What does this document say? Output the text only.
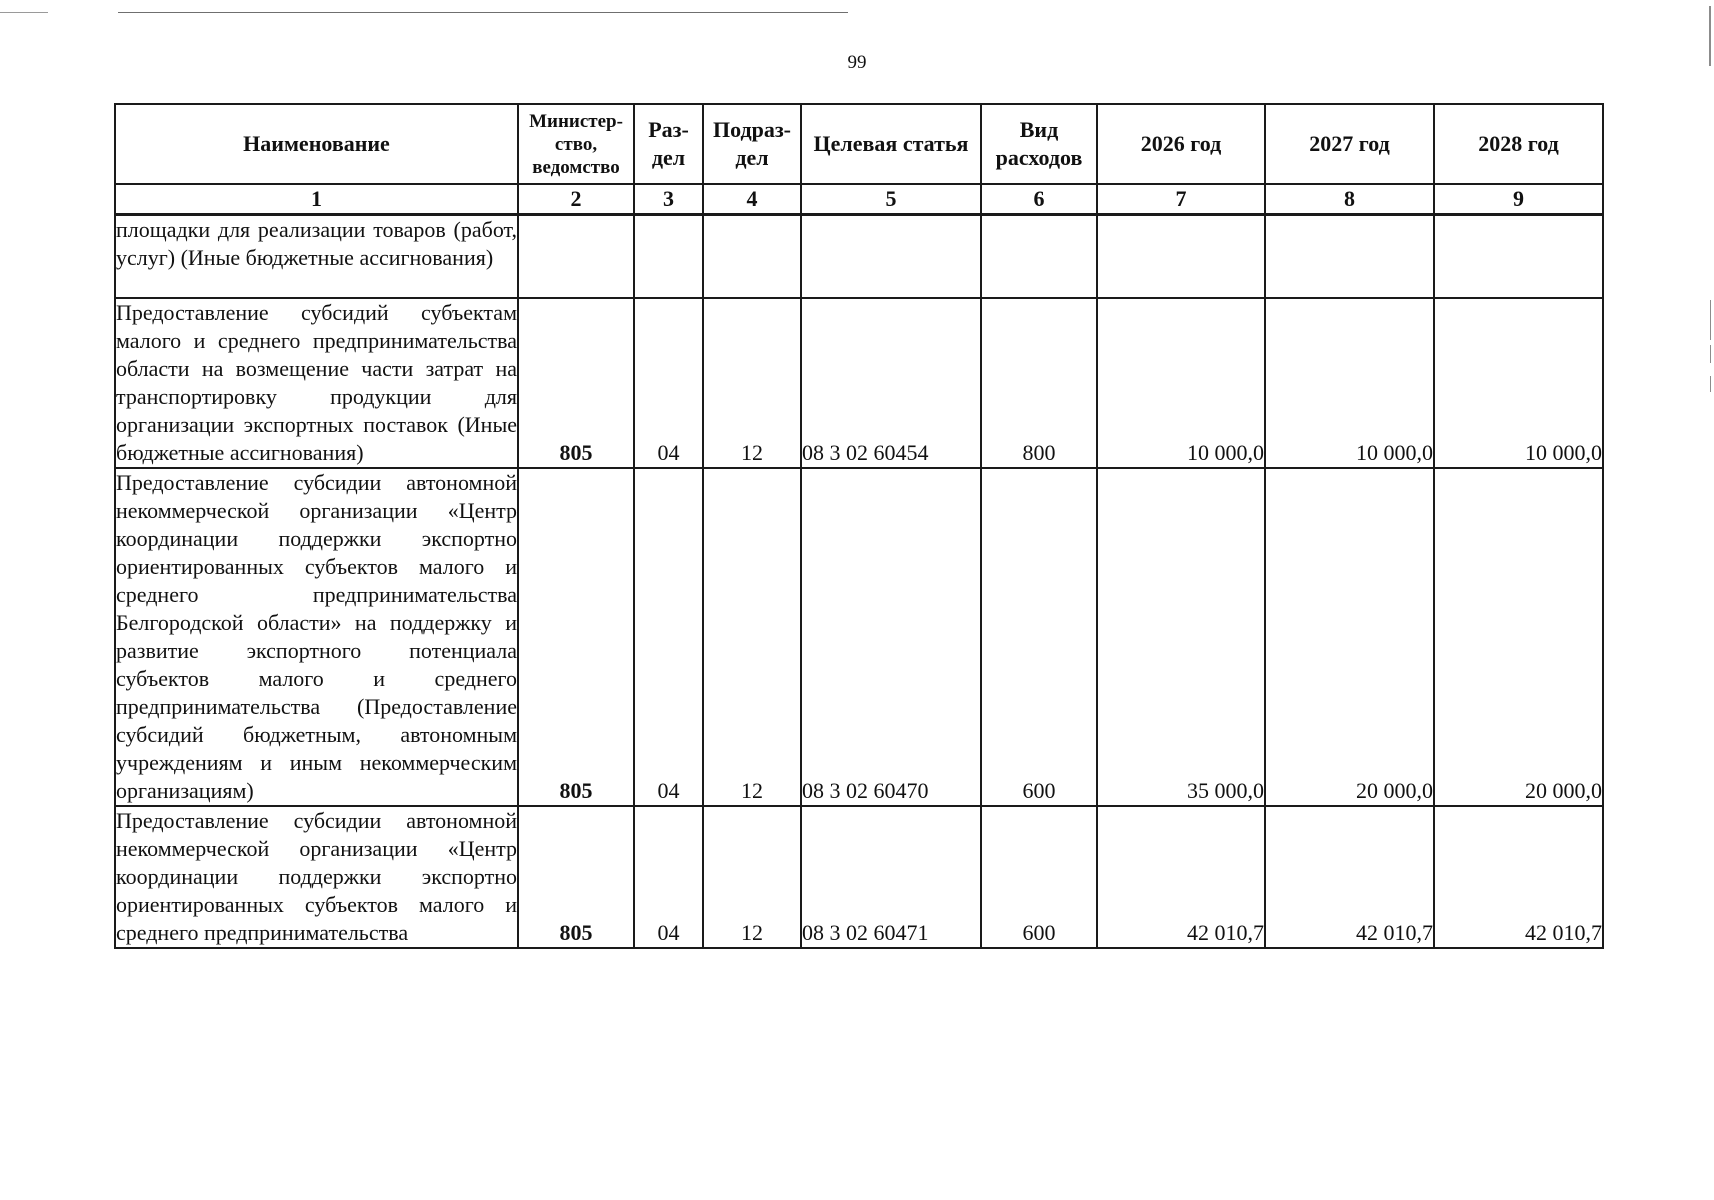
99
Наименование	Министер-ство, ведомство	Раз-дел	Подраз-дел	Целевая статья	Вид расходов	2026 год	2027 год	2028 год
1	2	3	4	5	6	7	8	9
площадки для реализации товаров (работ, услуг) (Иные бюджетные ассигнования)								
Предоставление субсидий субъектам малого и среднего предпринимательства области на возмещение части затрат на транспортировку продукции для организации экспортных поставок (Иные бюджетные ассигнования)	805	04	12	08 3 02 60454	800	10 000,0	10 000,0	10 000,0
Предоставление субсидии автономной некоммерческой организации «Центр координации поддержки экспортно ориентированных субъектов малого и среднего предпринимательства Белгородской области» на поддержку и развитие экспортного потенциала субъектов малого и среднего предпринимательства (Предоставление субсидий бюджетным, автономным учреждениям и иным некоммерческим организациям)	805	04	12	08 3 02 60470	600	35 000,0	20 000,0	20 000,0
Предоставление субсидии автономной некоммерческой организации «Центр координации поддержки экспортно ориентированных субъектов малого и среднего предпринимательства	805	04	12	08 3 02 60471	600	42 010,7	42 010,7	42 010,7
